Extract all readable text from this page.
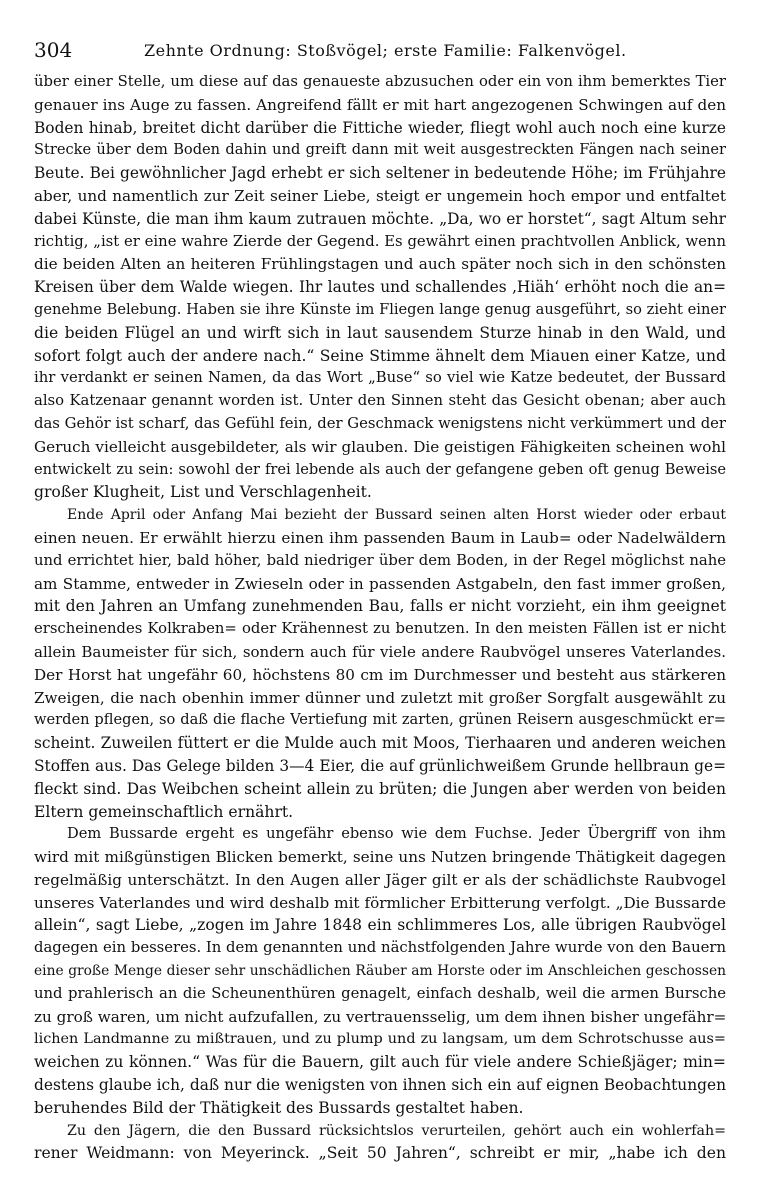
304	Zehnte Ordnung: Stoßvögel; erste Familie: Falkenvögel.
über einer Stelle, um diese auf das genaueste abzusuchen oder ein von ihm bemerktes Tier
genauer ins Auge zu fassen. Angreifend fällt er mit hart angezogenen Schwingen auf den
Boden hinab, breitet dicht darüber die Fittiche wieder, fliegt wohl auch noch eine kurze
Strecke über dem Boden dahin und greift dann mit weit ausgestreckten Fängen nach seiner
Beute. Bei gewöhnlicher Jagd erhebt er sich seltener in bedeutende Höhe; im Frühjahre
aber, und namentlich zur Zeit seiner Liebe, steigt er ungemein hoch empor und entfaltet
dabei Künste, die man ihm kaum zutrauen möchte. „Da, wo er horstet“, sagt Altum sehr
richtig, „ist er eine wahre Zierde der Gegend. Es gewährt einen prachtvollen Anblick, wenn
die beiden Alten an heiteren Frühlingstagen und auch später noch sich in den schönsten
Kreisen über dem Walde wiegen. Ihr lautes und schallendes ‚Hiäh‘ erhöht noch die an=
genehme Belebung. Haben sie ihre Künste im Fliegen lange genug ausgeführt, so zieht einer
die beiden Flügel an und wirft sich in laut sausendem Sturze hinab in den Wald, und
sofort folgt auch der andere nach.“ Seine Stimme ähnelt dem Miauen einer Katze, und
ihr verdankt er seinen Namen, da das Wort „Buse“ so viel wie Katze bedeutet, der Bussard
also Katzenaar genannt worden ist. Unter den Sinnen steht das Gesicht obenan; aber auch
das Gehör ist scharf, das Gefühl fein, der Geschmack wenigstens nicht verkümmert und der
Geruch vielleicht ausgebildeter, als wir glauben. Die geistigen Fähigkeiten scheinen wohl
entwickelt zu sein: sowohl der frei lebende als auch der gefangene geben oft genug Beweise
großer Klugheit, List und Verschlagenheit.
Ende April oder Anfang Mai bezieht der Bussard seinen alten Horst wieder oder erbaut
einen neuen. Er erwählt hierzu einen ihm passenden Baum in Laub= oder Nadelwäldern
und errichtet hier, bald höher, bald niedriger über dem Boden, in der Regel möglichst nahe
am Stamme, entweder in Zwieseln oder in passenden Astgabeln, den fast immer großen,
mit den Jahren an Umfang zunehmenden Bau, falls er nicht vorzieht, ein ihm geeignet
erscheinendes Kolkraben= oder Krähennest zu benutzen. In den meisten Fällen ist er nicht
allein Baumeister für sich, sondern auch für viele andere Raubvögel unseres Vaterlandes.
Der Horst hat ungefähr 60, höchstens 80 cm im Durchmesser und besteht aus stärkeren
Zweigen, die nach obenhin immer dünner und zuletzt mit großer Sorgfalt ausgewählt zu
werden pflegen, so daß die flache Vertiefung mit zarten, grünen Reisern ausgeschmückt er=
scheint. Zuweilen füttert er die Mulde auch mit Moos, Tierhaaren und anderen weichen
Stoffen aus. Das Gelege bilden 3—4 Eier, die auf grünlichweißem Grunde hellbraun ge=
fleckt sind. Das Weibchen scheint allein zu brüten; die Jungen aber werden von beiden
Eltern gemeinschaftlich ernährt.
Dem Bussarde ergeht es ungefähr ebenso wie dem Fuchse. Jeder Übergriff von ihm
wird mit mißgünstigen Blicken bemerkt, seine uns Nutzen bringende Thätigkeit dagegen
regelmäßig unterschätzt. In den Augen aller Jäger gilt er als der schädlichste Raubvogel
unseres Vaterlandes und wird deshalb mit förmlicher Erbitterung verfolgt. „Die Bussarde
allein“, sagt Liebe, „zogen im Jahre 1848 ein schlimmeres Los, alle übrigen Raubvögel
dagegen ein besseres. In dem genannten und nächstfolgenden Jahre wurde von den Bauern
eine große Menge dieser sehr unschädlichen Räuber am Horste oder im Anschleichen geschossen
und prahlerisch an die Scheunenthüren genagelt, einfach deshalb, weil die armen Bursche
zu groß waren, um nicht aufzufallen, zu vertrauensselig, um dem ihnen bisher ungefähr=
lichen Landmanne zu mißtrauen, und zu plump und zu langsam, um dem Schrotschusse aus=
weichen zu können.“ Was für die Bauern, gilt auch für viele andere Schießjäger; min=
destens glaube ich, daß nur die wenigsten von ihnen sich ein auf eignen Beobachtungen
beruhendes Bild der Thätigkeit des Bussards gestaltet haben.
Zu den Jägern, die den Bussard rücksichtslos verurteilen, gehört auch ein wohlerfah=
rener Weidmann: von Meyerinck. „Seit 50 Jahren“, schreibt er mir, „habe ich den
